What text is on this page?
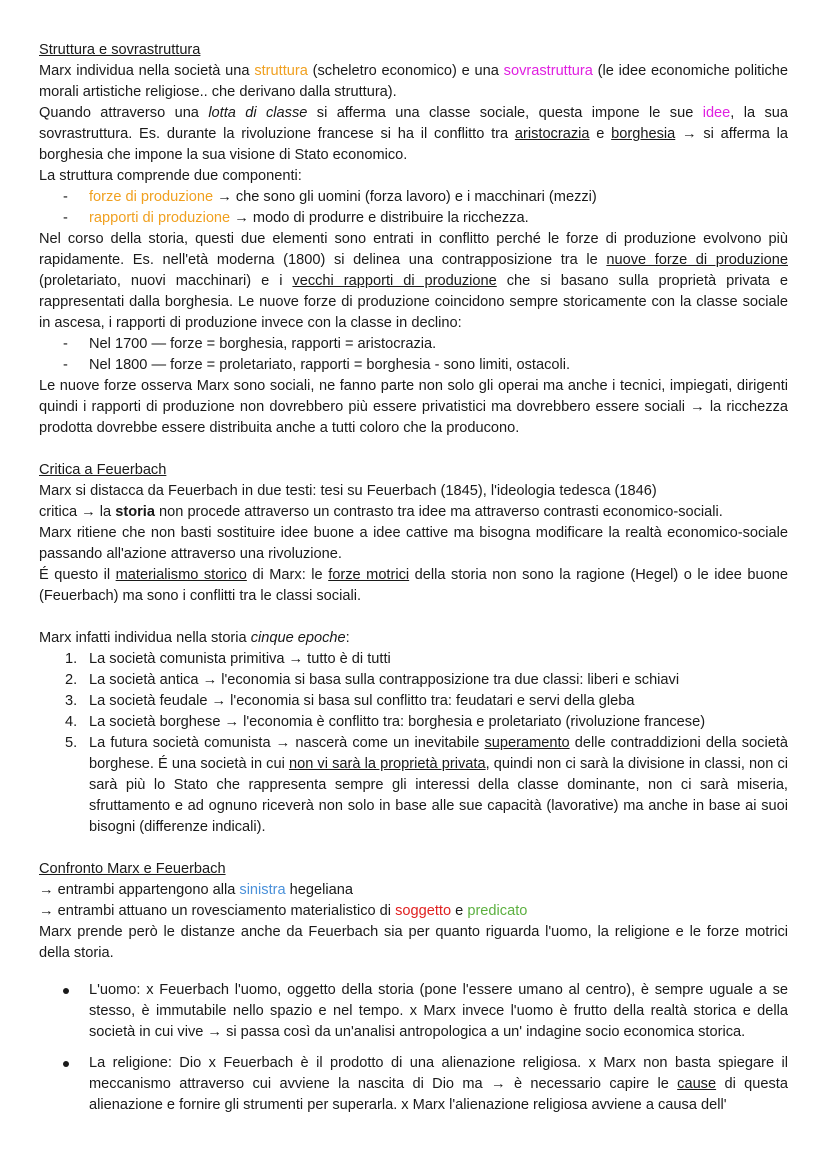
Struttura e sovrastruttura

Marx individua nella società una struttura (scheletro economico) e una sovrastruttura (le idee economiche politiche morali artistiche religiose.. che derivano dalla struttura).

Quando attraverso una lotta di classe si afferma una classe sociale, questa impone le sue idee, la sua sovrastruttura. Es. durante la rivoluzione francese si ha il conflitto tra aristocrazia e borghesia → si afferma la borghesia che impone la sua visione di Stato economico.

La struttura comprende due componenti:

- forze di produzione → che sono gli uomini (forza lavoro) e i macchinari (mezzi)
- rapporti di produzione → modo di produrre e distribuire la ricchezza.

Nel corso della storia, questi due elementi sono entrati in conflitto perché le forze di produzione evolvono più rapidamente. Es. nell'età moderna (1800) si delinea una contrapposizione tra le nuove forze di produzione (proletariato, nuovi macchinari) e i vecchi rapporti di produzione che si basano sulla proprietà privata e rappresentati dalla borghesia. Le nuove forze di produzione coincidono sempre storicamente con la classe sociale in ascesa, i rapporti di produzione invece con la classe in declino:

- Nel 1700 — forze = borghesia, rapporti = aristocrazia.
- Nel 1800 — forze = proletariato, rapporti = borghesia - sono limiti, ostacoli.

Le nuove forze osserva Marx sono sociali, ne fanno parte non solo gli operai ma anche i tecnici, impiegati, dirigenti quindi i rapporti di produzione non dovrebbero più essere privatistici ma dovrebbero essere sociali → la ricchezza prodotta dovrebbe essere distribuita anche a tutti coloro che la producono.

Critica a Feuerbach

Marx si distacca da Feuerbach in due testi: tesi su Feuerbach (1845), l'ideologia tedesca (1846)

critica → la storia non procede attraverso un contrasto tra idee ma attraverso contrasti economico-sociali.

Marx ritiene che non basti sostituire idee buone a idee cattive ma bisogna modificare la realtà economico-sociale passando all'azione attraverso una rivoluzione.

É questo il materialismo storico di Marx: le forze motrici della storia non sono la ragione (Hegel) o le idee buone (Feuerbach) ma sono i conflitti tra le classi sociali.

Marx infatti individua nella storia cinque epoche:

1. La società comunista primitiva → tutto è di tutti
2. La società antica → l'economia si basa sulla contrapposizione tra due classi: liberi e schiavi
3. La società feudale → l'economia si basa sul conflitto tra: feudatari e servi della gleba
4. La società borghese → l'economia è conflitto tra: borghesia e proletariato (rivoluzione francese)
5. La futura società comunista → nascerà come un inevitabile superamento delle contraddizioni della società borghese. É una società in cui non vi sarà la proprietà privata, quindi non ci sarà la divisione in classi, non ci sarà più lo Stato che rappresenta sempre gli interessi della classe dominante, non ci sarà miseria, sfruttamento e ad ognuno riceverà non solo in base alle sue capacità (lavorative) ma anche in base ai suoi bisogni (differenze indicali).

Confronto Marx e Feuerbach

→ entrambi appartengono alla sinistra hegeliana

→ entrambi attuano un rovesciamento materialistico di soggetto e predicato

Marx prende però le distanze anche da Feuerbach sia per quanto riguarda l'uomo, la religione e le forze motrici della storia.

L'uomo: x Feuerbach l'uomo, oggetto della storia (pone l'essere umano al centro), è sempre uguale a se stesso, è immutabile nello spazio e nel tempo. x Marx invece l'uomo è frutto della realtà storica e della società in cui vive → si passa così da un'analisi antropologica a un' indagine socio economica storica.
La religione: Dio x Feuerbach è il prodotto di una alienazione religiosa. x Marx non basta spiegare il meccanismo attraverso cui avviene la nascita di Dio ma → è necessario capire le cause di questa alienazione e fornire gli strumenti per superarla. x Marx l'alienazione religiosa avviene a causa dell'
